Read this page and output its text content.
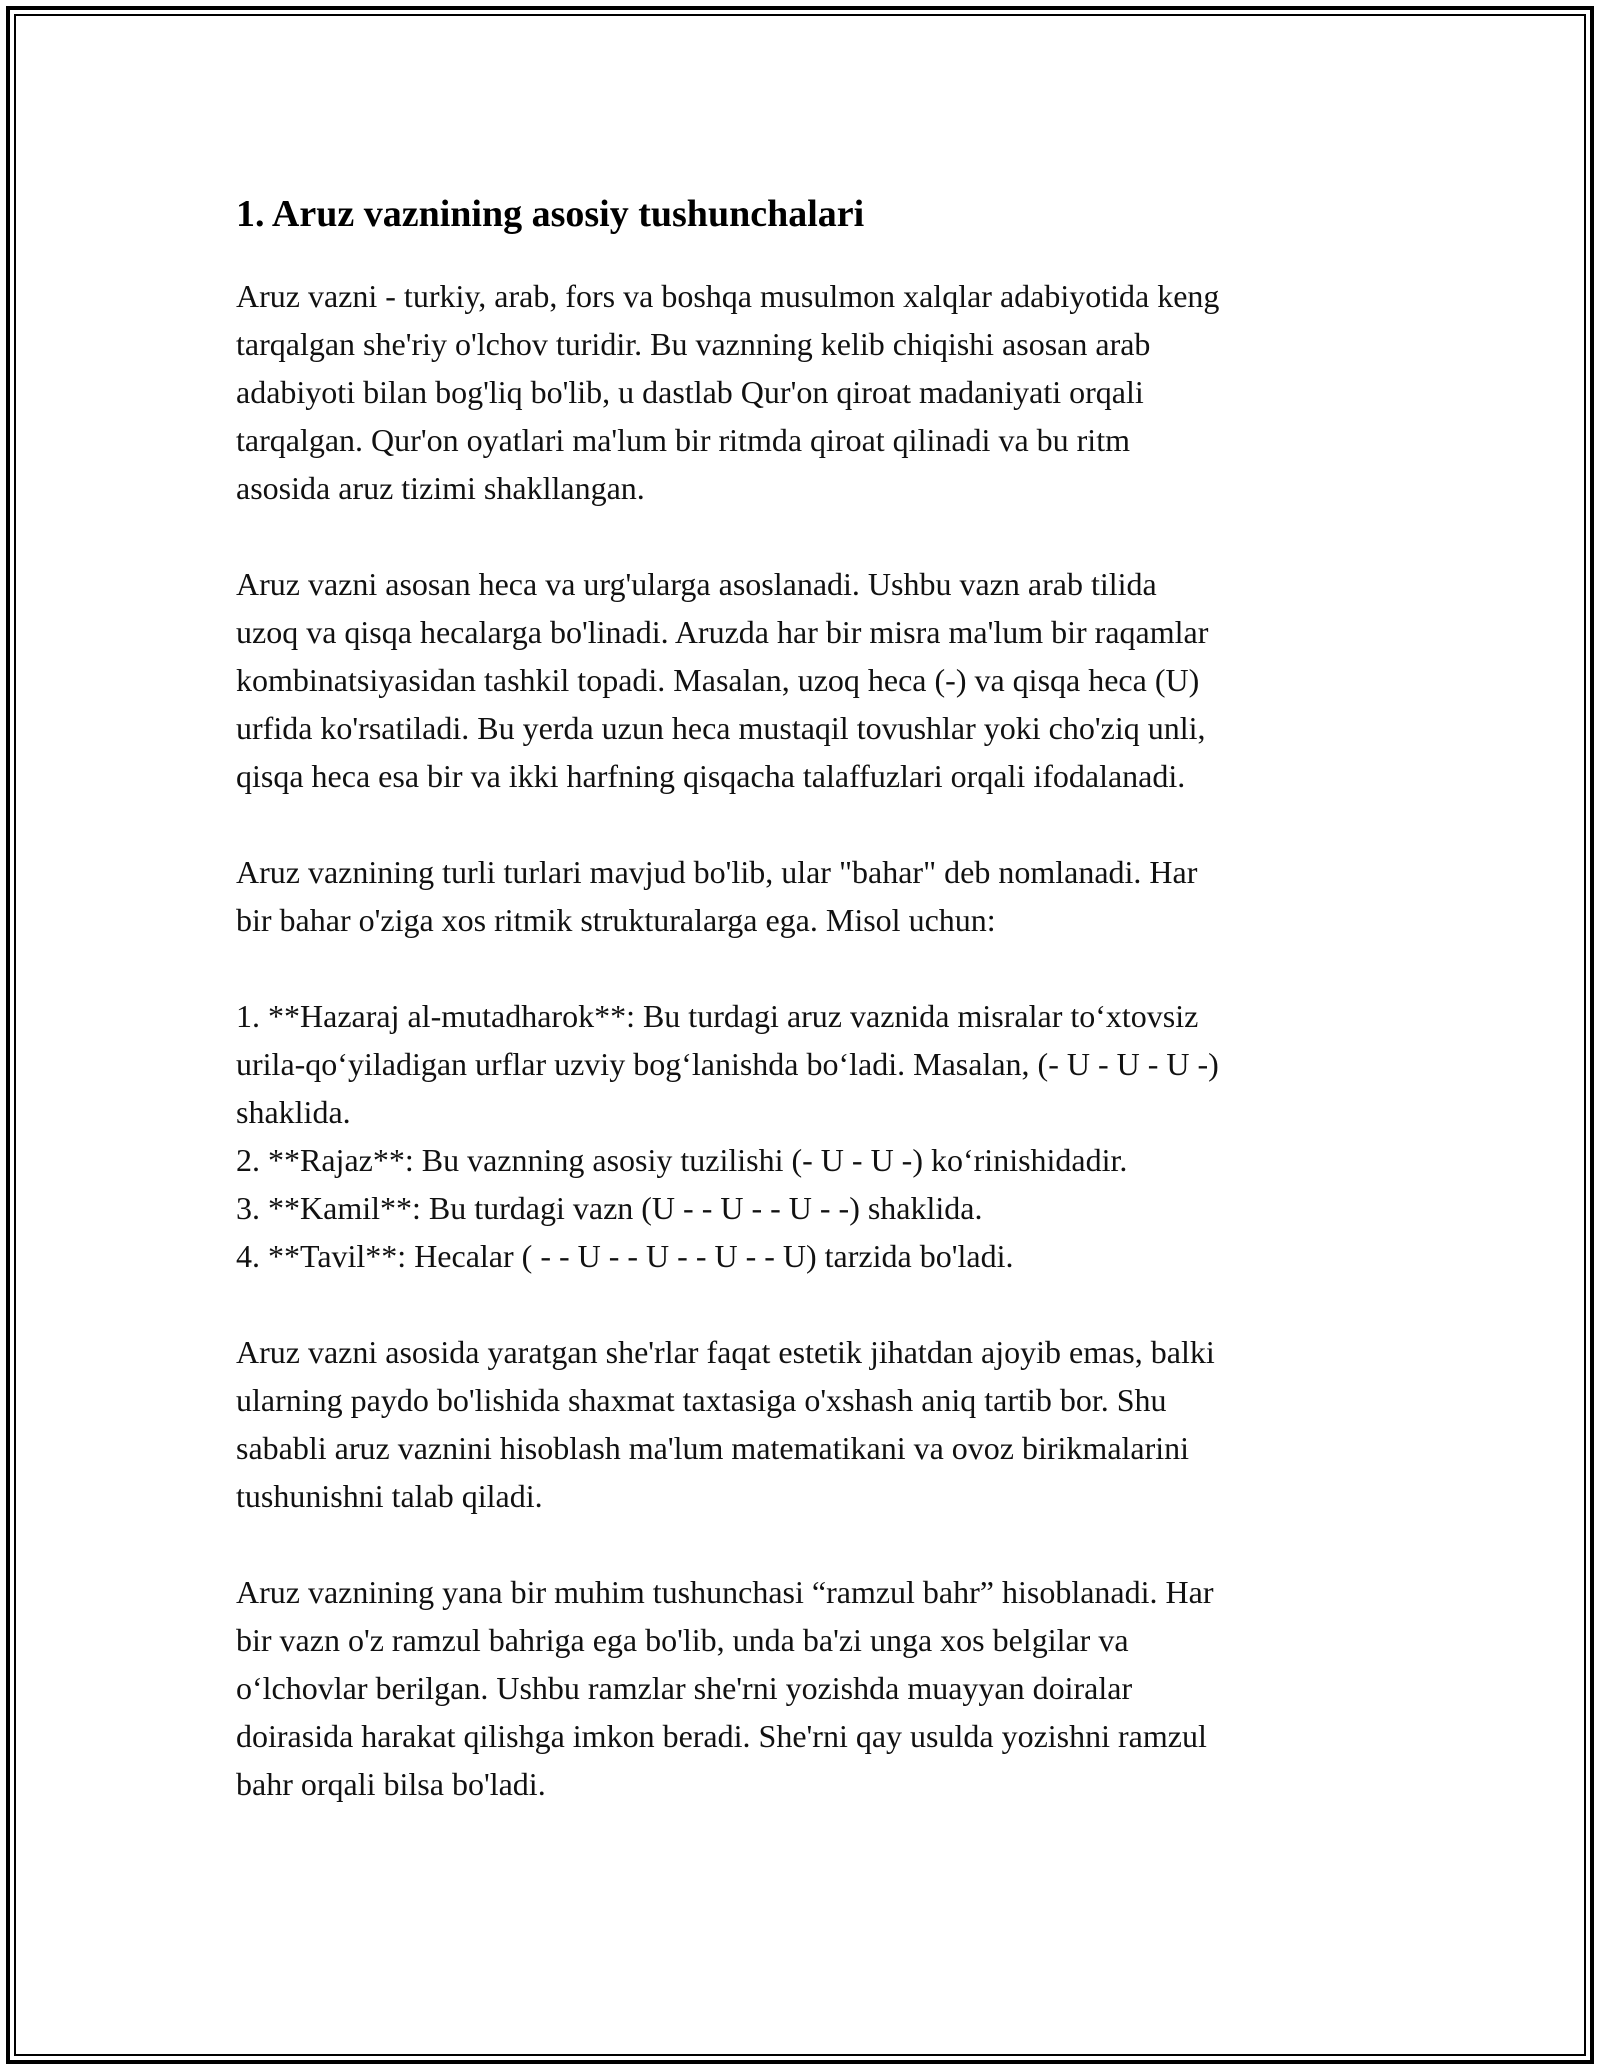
1. Aruz vaznining asosiy tushunchalari

Aruz vazni - turkiy, arab, fors va boshqa musulmon xalqlar adabiyotida keng
tarqalgan she'riy o'lchov turidir. Bu vaznning kelib chiqishi asosan arab
adabiyoti bilan bog'liq bo'lib, u dastlab Qur'on qiroat madaniyati orqali
tarqalgan. Qur'on oyatlari ma'lum bir ritmda qiroat qilinadi va bu ritm
asosida aruz tizimi shakllangan.

Aruz vazni asosan heca va urg'ularga asoslanadi. Ushbu vazn arab tilida
uzoq va qisqa hecalarga bo'linadi. Aruzda har bir misra ma'lum bir raqamlar
kombinatsiyasidan tashkil topadi. Masalan, uzoq heca (-) va qisqa heca (U)
urfida ko'rsatiladi. Bu yerda uzun heca mustaqil tovushlar yoki cho'ziq unli,
qisqa heca esa bir va ikki harfning qisqacha talaffuzlari orqali ifodalanadi.

Aruz vaznining turli turlari mavjud bo'lib, ular "bahar" deb nomlanadi. Har
bir bahar o'ziga xos ritmik strukturalarga ega. Misol uchun:

1. **Hazaraj al-mutadharok**: Bu turdagi aruz vaznida misralar to‘xtovsiz
urila-qo‘yiladigan urflar uzviy bog‘lanishda bo‘ladi. Masalan, (- U - U - U -)
shaklida.
2. **Rajaz**: Bu vaznning asosiy tuzilishi (- U - U -) ko‘rinishidadir.
3. **Kamil**: Bu turdagi vazn (U - - U - - U - -) shaklida.
4. **Tavil**: Hecalar ( - - U - - U - - U - - U) tarzida bo'ladi.

Aruz vazni asosida yaratgan she'rlar faqat estetik jihatdan ajoyib emas, balki
ularning paydo bo'lishida shaxmat taxtasiga o'xshash aniq tartib bor. Shu
sababli aruz vaznini hisoblash ma'lum matematikani va ovoz birikmalarini
tushunishni talab qiladi.

Aruz vaznining yana bir muhim tushunchasi “ramzul bahr” hisoblanadi. Har
bir vazn o'z ramzul bahriga ega bo'lib, unda ba'zi unga xos belgilar va
o‘lchovlar berilgan. Ushbu ramzlar she'rni yozishda muayyan doiralar
doirasida harakat qilishga imkon beradi. She'rni qay usulda yozishni ramzul
bahr orqali bilsa bo'ladi.
